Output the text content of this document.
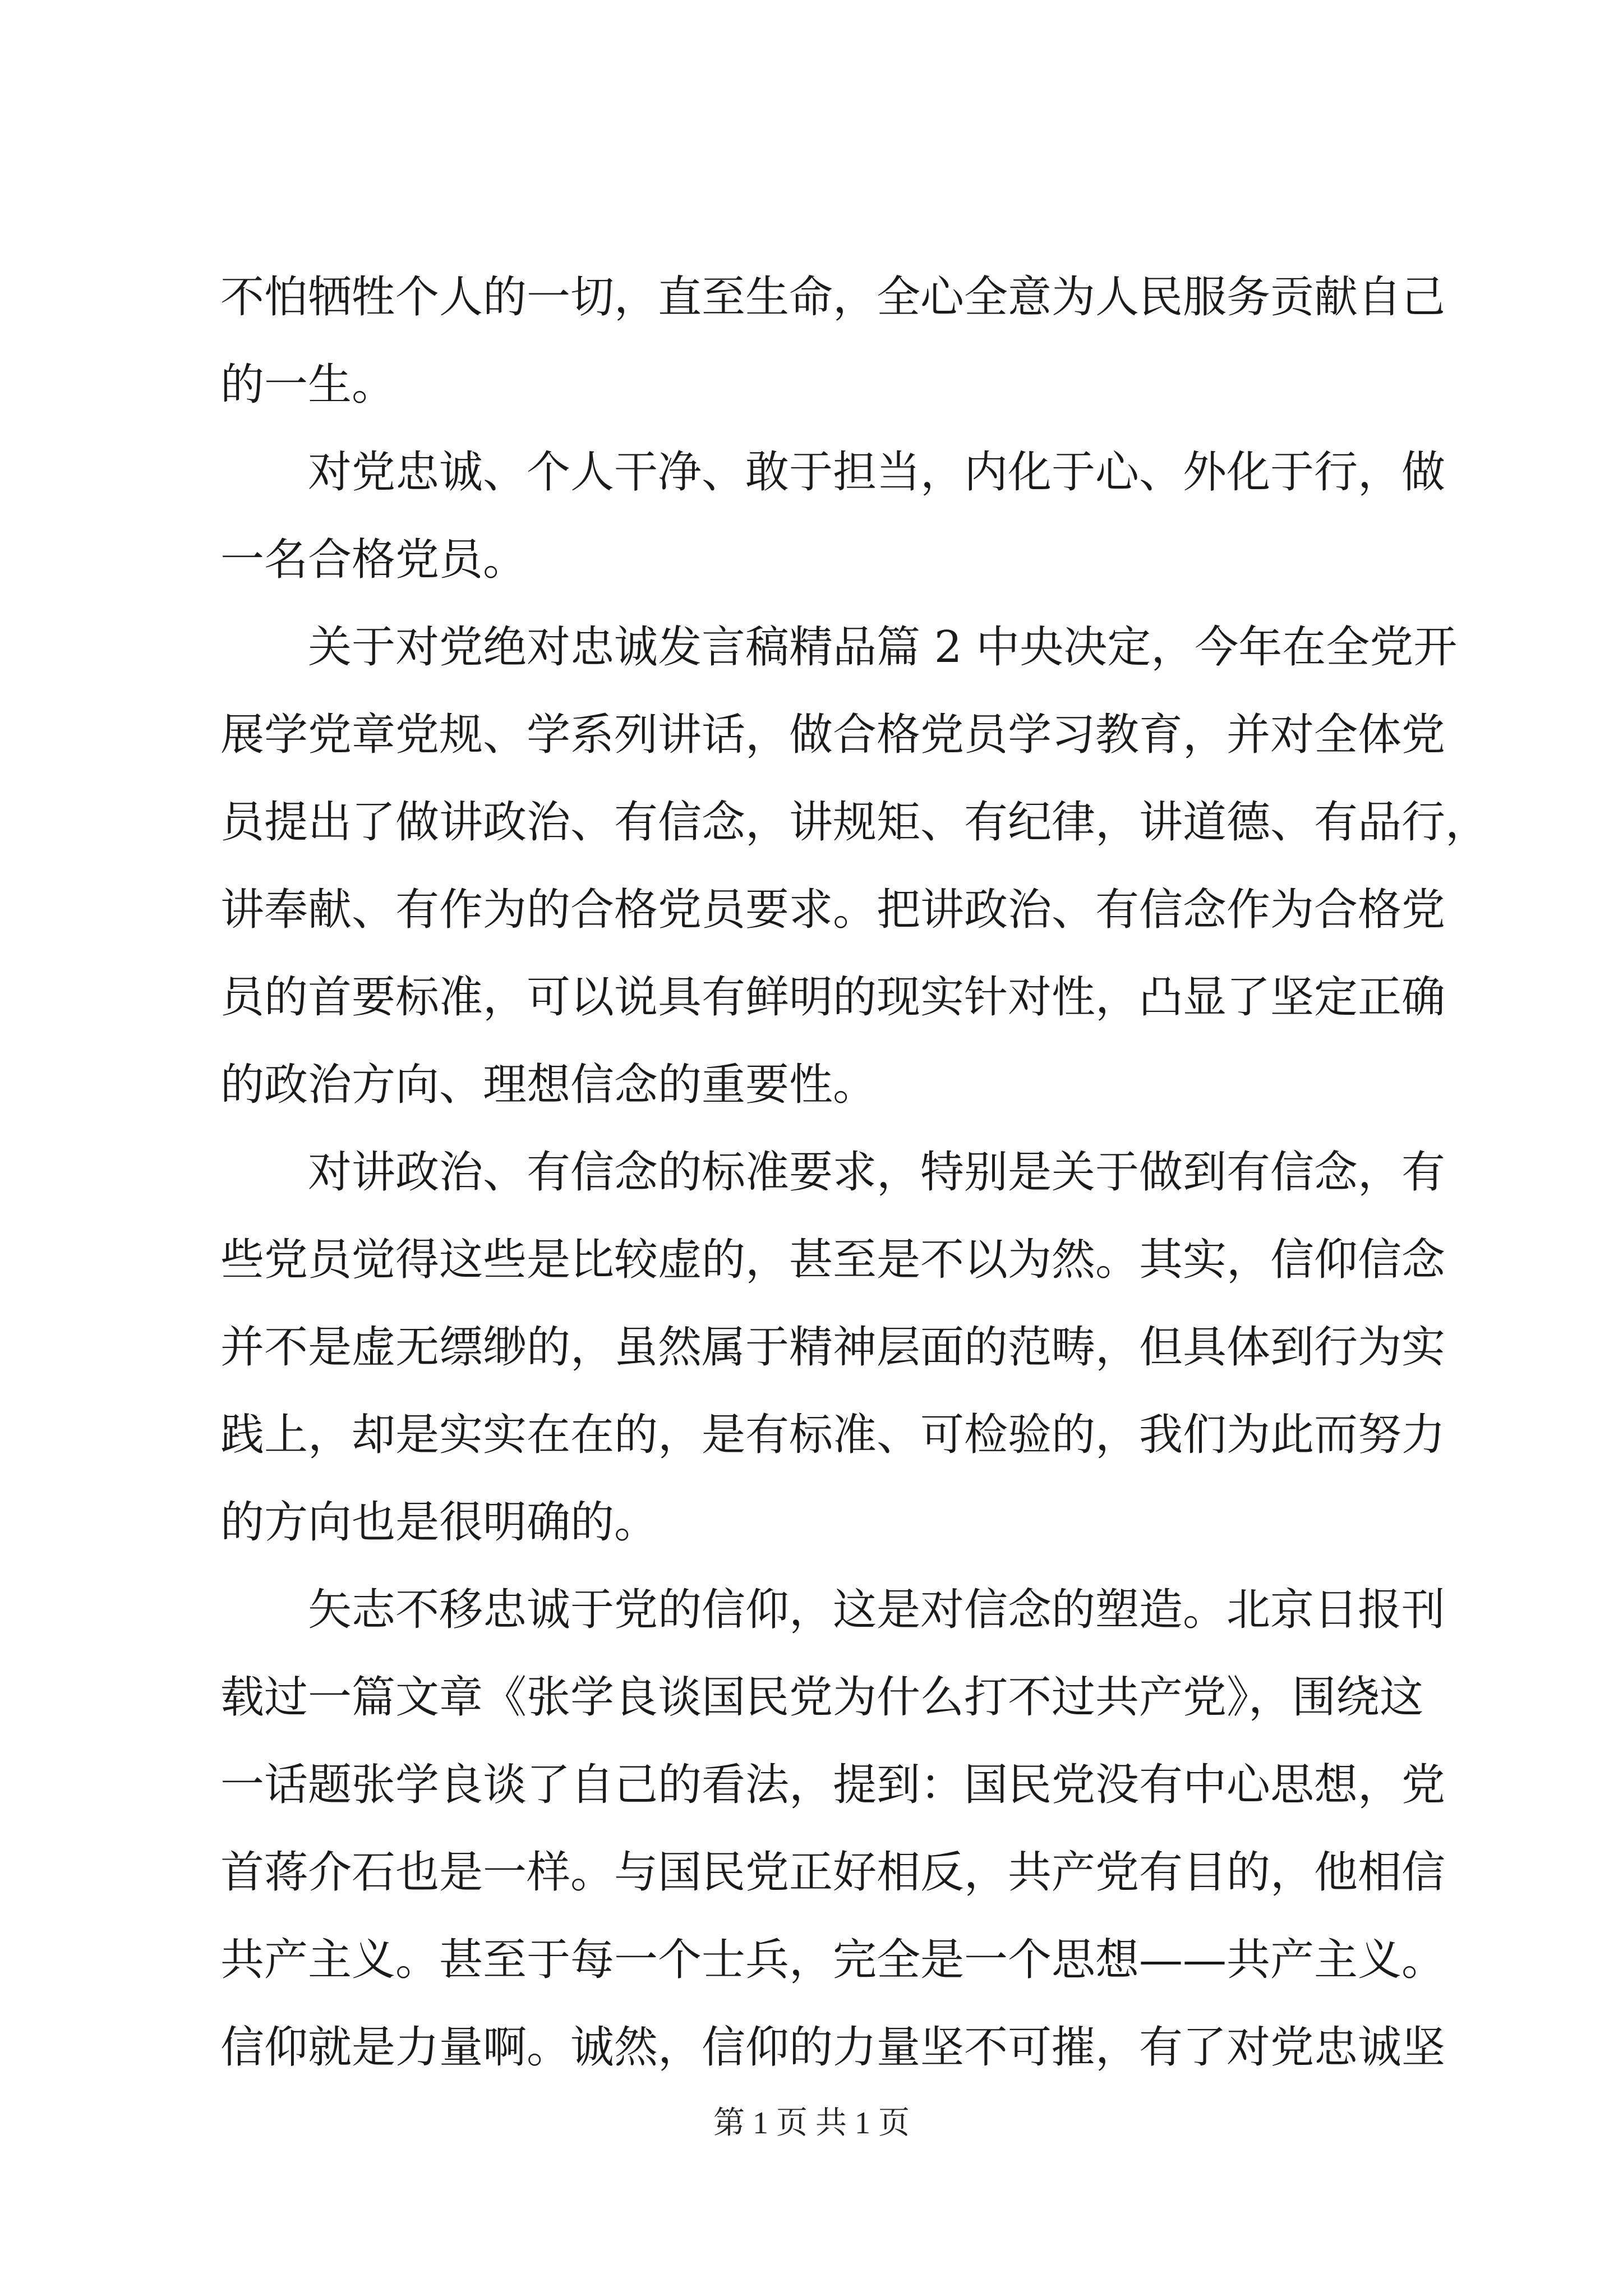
不怕牺牲个人的一切，直至生命，全心全意为人民服务贡献自己
的一生。
对党忠诚、个人干净、敢于担当，内化于心、外化于行，做
一名合格党员。
关于对党绝对忠诚发言稿精品篇 2 中央决定，今年在全党开
展学党章党规、学系列讲话，做合格党员学习教育，并对全体党
员提出了做讲政治、有信念，讲规矩、有纪律，讲道德、有品行，
讲奉献、有作为的合格党员要求。把讲政治、有信念作为合格党
员的首要标准，可以说具有鲜明的现实针对性，凸显了坚定正确
的政治方向、理想信念的重要性。
对讲政治、有信念的标准要求，特别是关于做到有信念，有
些党员觉得这些是比较虚的，甚至是不以为然。其实，信仰信念
并不是虚无缥缈的，虽然属于精神层面的范畴，但具体到行为实
践上，却是实实在在的，是有标准、可检验的，我们为此而努力
的方向也是很明确的。
矢志不移忠诚于党的信仰，这是对信念的塑造。北京日报刊
载过一篇文章《张学良谈国民党为什么打不过共产党》，围绕这
一话题张学良谈了自己的看法，提到：国民党没有中心思想，党
首蒋介石也是一样。与国民党正好相反，共产党有目的，他相信
共产主义。甚至于每一个士兵，完全是一个思想——共产主义。
信仰就是力量啊。诚然，信仰的力量坚不可摧，有了对党忠诚坚
第 1 页 共 1 页
